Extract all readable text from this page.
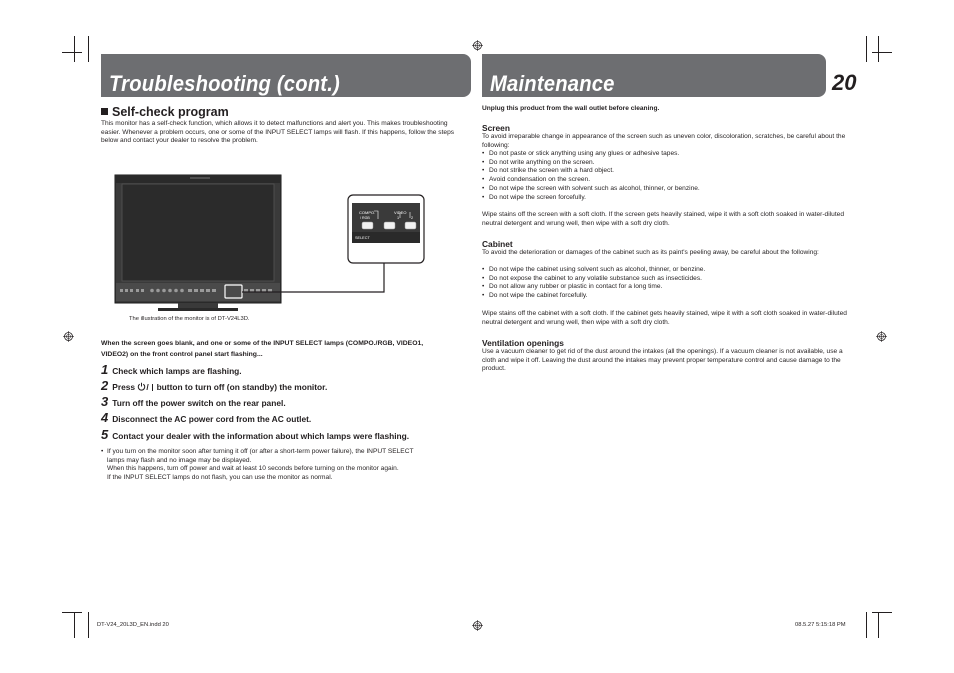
Troubleshooting (cont.)
Self-check program
This monitor has a self-check function, which allows it to detect malfunctions and alert you. This makes troubleshooting easier. Whenever a problem occurs, one or some of the INPUT SELECT lamps will flash. If this happens, follow the steps below and contact your dealer to resolve the problem.
COMPO.
/ RGB
VIDEO
1	2
SELECT
The illustration of the monitor is of DT-V24L3D.
When the screen goes blank, and one or some of the INPUT SELECT lamps (COMPO./RGB, VIDEO1,
VIDEO2) on the front control panel start flashing...
1 Check which lamps are flashing.
2 Press / button to turn off (on standby) the monitor.
3 Turn off the power switch on the rear panel.
4 Disconnect the AC power cord from the AC outlet.
5 Contact your dealer with the information about which lamps were flashing.
• If you turn on the monitor soon after turning it off (or after a short-term power failure), the INPUT SELECT
lamps may flash and no image may be displayed.
When this happens, turn off power and wait at least 10 seconds before turning on the monitor again.
If the INPUT SELECT lamps do not flash, you can use the monitor as normal.
Maintenance	20
Unplug this product from the wall outlet before cleaning.
Screen
To avoid irreparable change in appearance of the screen such as uneven color, discoloration, scratches, be careful about the following:
• Do not paste or stick anything using any glues or adhesive tapes.
• Do not write anything on the screen.
• Do not strike the screen with a hard object.
• Avoid condensation on the screen.
• Do not wipe the screen with solvent such as alcohol, thinner, or benzine.
• Do not wipe the screen forcefully.
Wipe stains off the screen with a soft cloth. If the screen gets heavily stained, wipe it with a soft cloth soaked in water-diluted neutral detergent and wrung well, then wipe with a soft dry cloth.
Cabinet
To avoid the deterioration or damages of the cabinet such as its paint's peeling away, be careful about the following:
• Do not wipe the cabinet using solvent such as alcohol, thinner, or benzine.
• Do not expose the cabinet to any volatile substance such as insecticides.
• Do not allow any rubber or plastic in contact for a long time.
• Do not wipe the cabinet forcefully.
Wipe stains off the cabinet with a soft cloth. If the cabinet gets heavily stained, wipe it with a soft cloth soaked in water-diluted neutral detergent and wrung well, then wipe with a soft dry cloth.
Ventilation openings
Use a vacuum cleaner to get rid of the dust around the intakes (all the openings). If a vacuum cleaner is not available, use a cloth and wipe it off. Leaving the dust around the intakes may prevent proper temperature control and cause damage to the product.
DT-V24_20L3D_EN.indd 20	08.5.27 5:15:18 PM
